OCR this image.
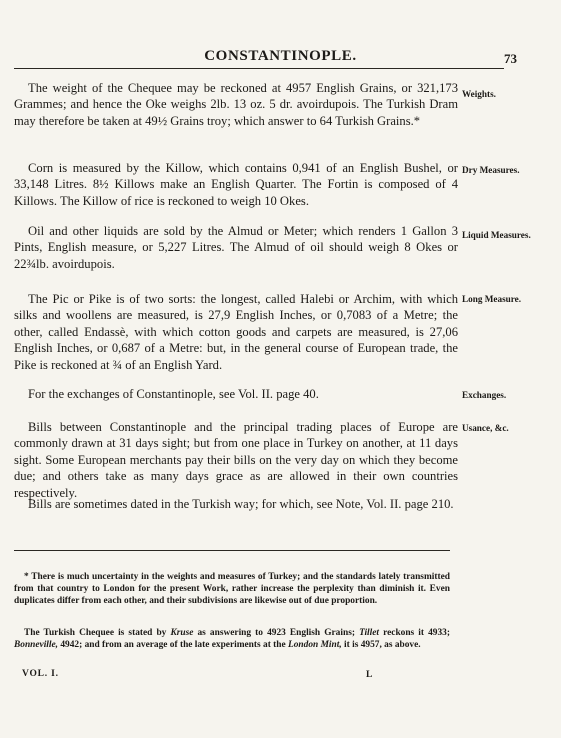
CONSTANTINOPLE.	73
The weight of the Chequee may be reckoned at 4957 English Grains, or 321,173 Grammes; and hence the Oke weighs 2lb. 13 oz. 5 dr. avoirdupois. The Turkish Dram may therefore be taken at 49½ Grains troy; which answer to 64 Turkish Grains.*
Weights.
Corn is measured by the Killow, which contains 0,941 of an English Bushel, or 33,148 Litres. 8½ Killows make an English Quarter. The Fortin is composed of 4 Killows. The Killow of rice is reckoned to weigh 10 Okes.
Dry Measures.
Oil and other liquids are sold by the Almud or Meter; which renders 1 Gallon 3 Pints, English measure, or 5,227 Litres. The Almud of oil should weigh 8 Okes or 22¾lb. avoirdupois.
Liquid Measures.
The Pic or Pike is of two sorts: the longest, called Halebi or Archim, with which silks and woollens are measured, is 27,9 English Inches, or 0,7083 of a Metre; the other, called Endassè, with which cotton goods and carpets are measured, is 27,06 English Inches, or 0,687 of a Metre: but, in the general course of European trade, the Pike is reckoned at ¾ of an English Yard.
Long Measure.
For the exchanges of Constantinople, see Vol. II. page 40.	Exchanges.
Bills between Constantinople and the principal trading places of Europe are commonly drawn at 31 days sight; but from one place in Turkey on another, at 11 days sight. Some European merchants pay their bills on the very day on which they become due; and others take as many days grace as are allowed in their own countries respectively.
Usance, &c.
Bills are sometimes dated in the Turkish way; for which, see Note, Vol. II. page 210.
* There is much uncertainty in the weights and measures of Turkey; and the standards lately transmitted from that country to London for the present Work, rather increase the perplexity than diminish it. Even duplicates differ from each other, and their subdivisions are likewise out of due proportion.
The Turkish Chequee is stated by Kruse as answering to 4923 English Grains; Tillet reckons it 4933; Bonneville, 4942; and from an average of the late experiments at the London Mint, it is 4957, as above.
VOL. I.	L
